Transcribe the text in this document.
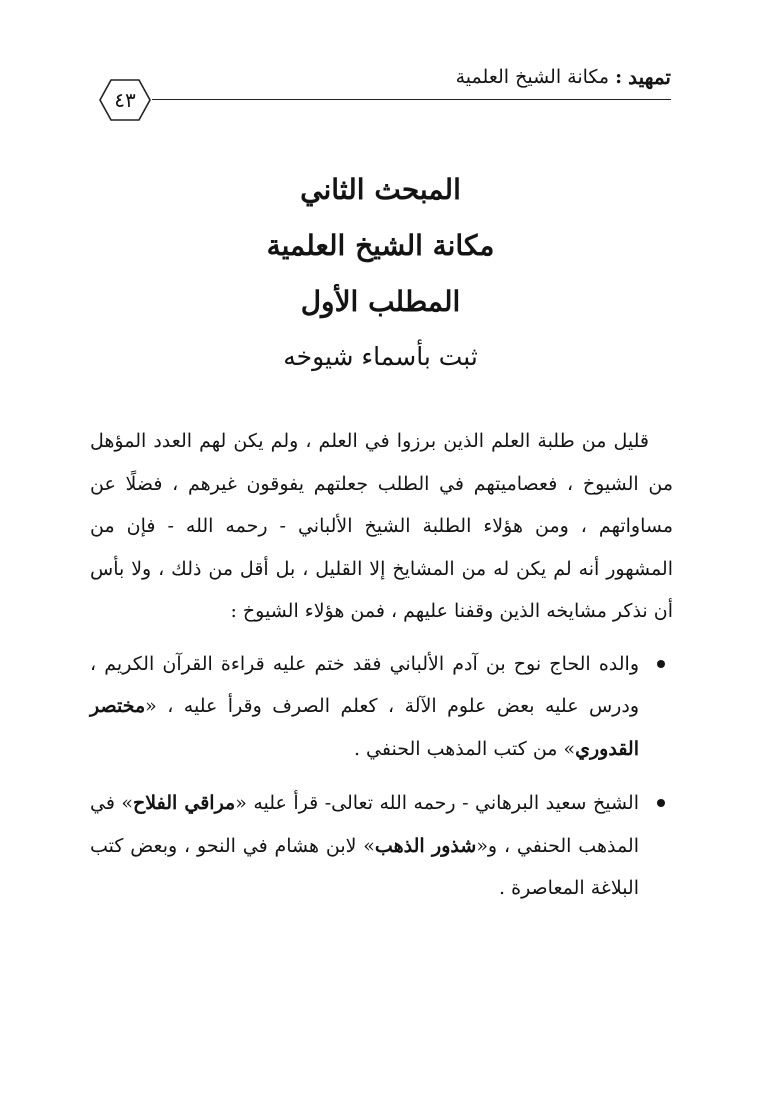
تمهيد
:
مكانة الشيخ العلمية
٤٣
المبحث الثاني
مكانة الشيخ العلمية
المطلب الأول
ثبت بأسماء شيوخه

قليل من طلبة العلم الذين برزوا في العلم ، ولم يكن لهم العدد المؤهل من الشيوخ ، فعصاميتهم في الطلب جعلتهم يفوقون غيرهم ، فضلًا عن مساواتهم ، ومن هؤلاء الطلبة الشيخ الألباني - رحمه الله - فإن من المشهور أنه لم يكن له من المشايخ إلا القليل ، بل أقل من ذلك ، ولا بأس أن نذكر مشايخه الذين وقفنا عليهم ، فمن هؤلاء الشيوخ :

والده الحاج نوح بن آدم الألباني فقد ختم عليه قراءة القرآن الكريم ، ودرس عليه بعض علوم الآلة ، كعلم الصرف وقرأ عليه ، «مختصر القدوري» من كتب المذهب الحنفي .
الشيخ سعيد البرهاني - رحمه الله تعالى- قرأ عليه «مراقي الفلاح» في المذهب الحنفي ، و«شذور الذهب» لابن هشام في النحو ، وبعض كتب البلاغة المعاصرة .
